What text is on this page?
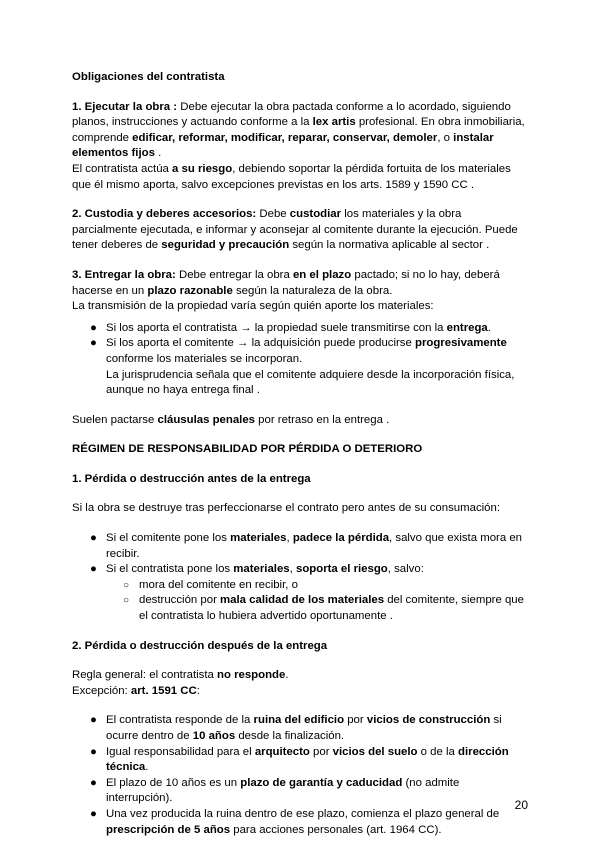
Obligaciones del contratista

1. Ejecutar la obra : Debe ejecutar la obra pactada conforme a lo acordado, siguiendo planos, instrucciones y actuando conforme a la lex artis profesional. En obra inmobiliaria, comprende edificar, reformar, modificar, reparar, conservar, demoler, o instalar elementos fijos .
El contratista actúa a su riesgo, debiendo soportar la pérdida fortuita de los materiales que él mismo aporta, salvo excepciones previstas en los arts. 1589 y 1590 CC .

2. Custodia y deberes accesorios: Debe custodiar los materiales y la obra parcialmente ejecutada, e informar y aconsejar al comitente durante la ejecución. Puede tener deberes de seguridad y precaución según la normativa aplicable al sector .

3. Entregar la obra: Debe entregar la obra en el plazo pactado; si no lo hay, deberá hacerse en un plazo razonable según la naturaleza de la obra.
La transmisión de la propiedad varía según quién aporte los materiales:

● Si los aporta el contratista → la propiedad suele transmitirse con la entrega.
● Si los aporta el comitente → la adquisición puede producirse progresivamente conforme los materiales se incorporan.
La jurisprudencia señala que el comitente adquiere desde la incorporación física, aunque no haya entrega final .

Suelen pactarse cláusulas penales por retraso en la entrega .

RÉGIMEN DE RESPONSABILIDAD POR PÉRDIDA O DETERIORO

1. Pérdida o destrucción antes de la entrega

Si la obra se destruye tras perfeccionarse el contrato pero antes de su consumación:

● Si el comitente pone los materiales, padece la pérdida, salvo que exista mora en recibir.
● Si el contratista pone los materiales, soporta el riesgo, salvo:
○ mora del comitente en recibir, o
○ destrucción por mala calidad de los materiales del comitente, siempre que el contratista lo hubiera advertido oportunamente .

2. Pérdida o destrucción después de la entrega

Regla general: el contratista no responde.
Excepción: art. 1591 CC:

● El contratista responde de la ruina del edificio por vicios de construcción si ocurre dentro de 10 años desde la finalización.
● Igual responsabilidad para el arquitecto por vicios del suelo o de la dirección técnica.
● El plazo de 10 años es un plazo de garantía y caducidad (no admite interrupción).
● Una vez producida la ruina dentro de ese plazo, comienza el plazo general de prescripción de 5 años para acciones personales (art. 1964 CC).
20
